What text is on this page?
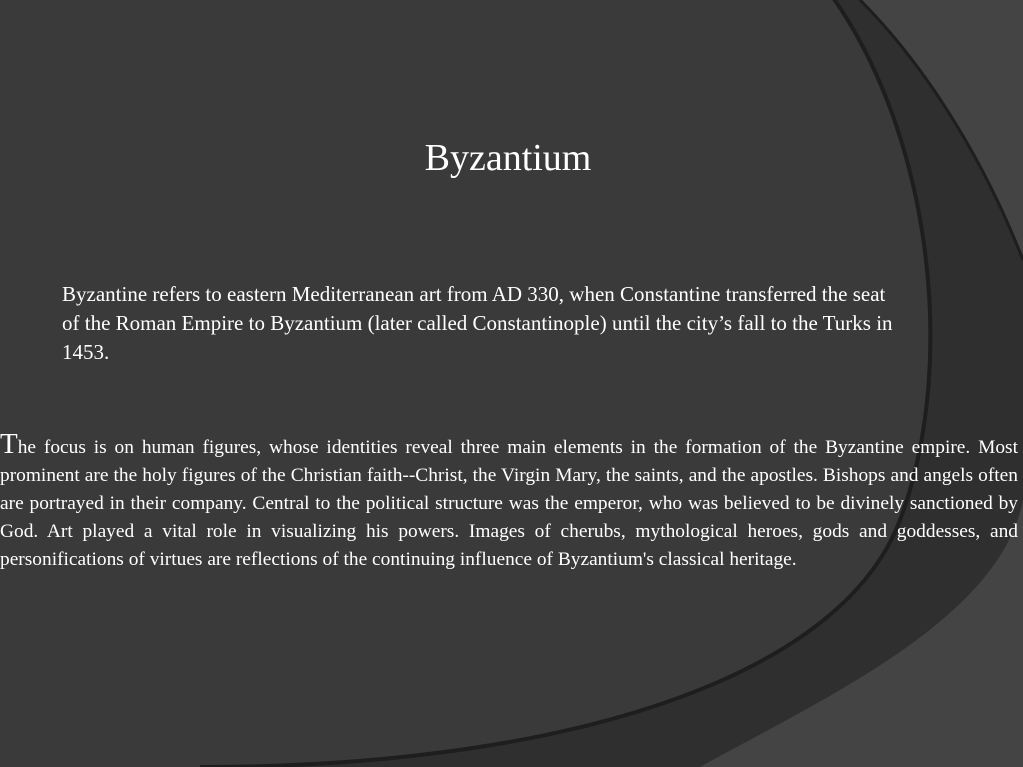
Byzantium

Byzantine refers to eastern Mediterranean art from AD 330, when Constantine transferred the seat of the Roman Empire to Byzantium (later called Constantinople) until the city’s fall to the Turks in 1453.

The focus is on human figures, whose identities reveal three main elements in the formation of the Byzantine empire. Most prominent are the holy figures of the Christian faith--Christ, the Virgin Mary, the saints, and the apostles. Bishops and angels often are portrayed in their company. Central to the political structure was the emperor, who was believed to be divinely sanctioned by God. Art played a vital role in visualizing his powers. Images of cherubs, mythological heroes, gods and goddesses, and personifications of virtues are reflections of the continuing influence of Byzantium's classical heritage.
